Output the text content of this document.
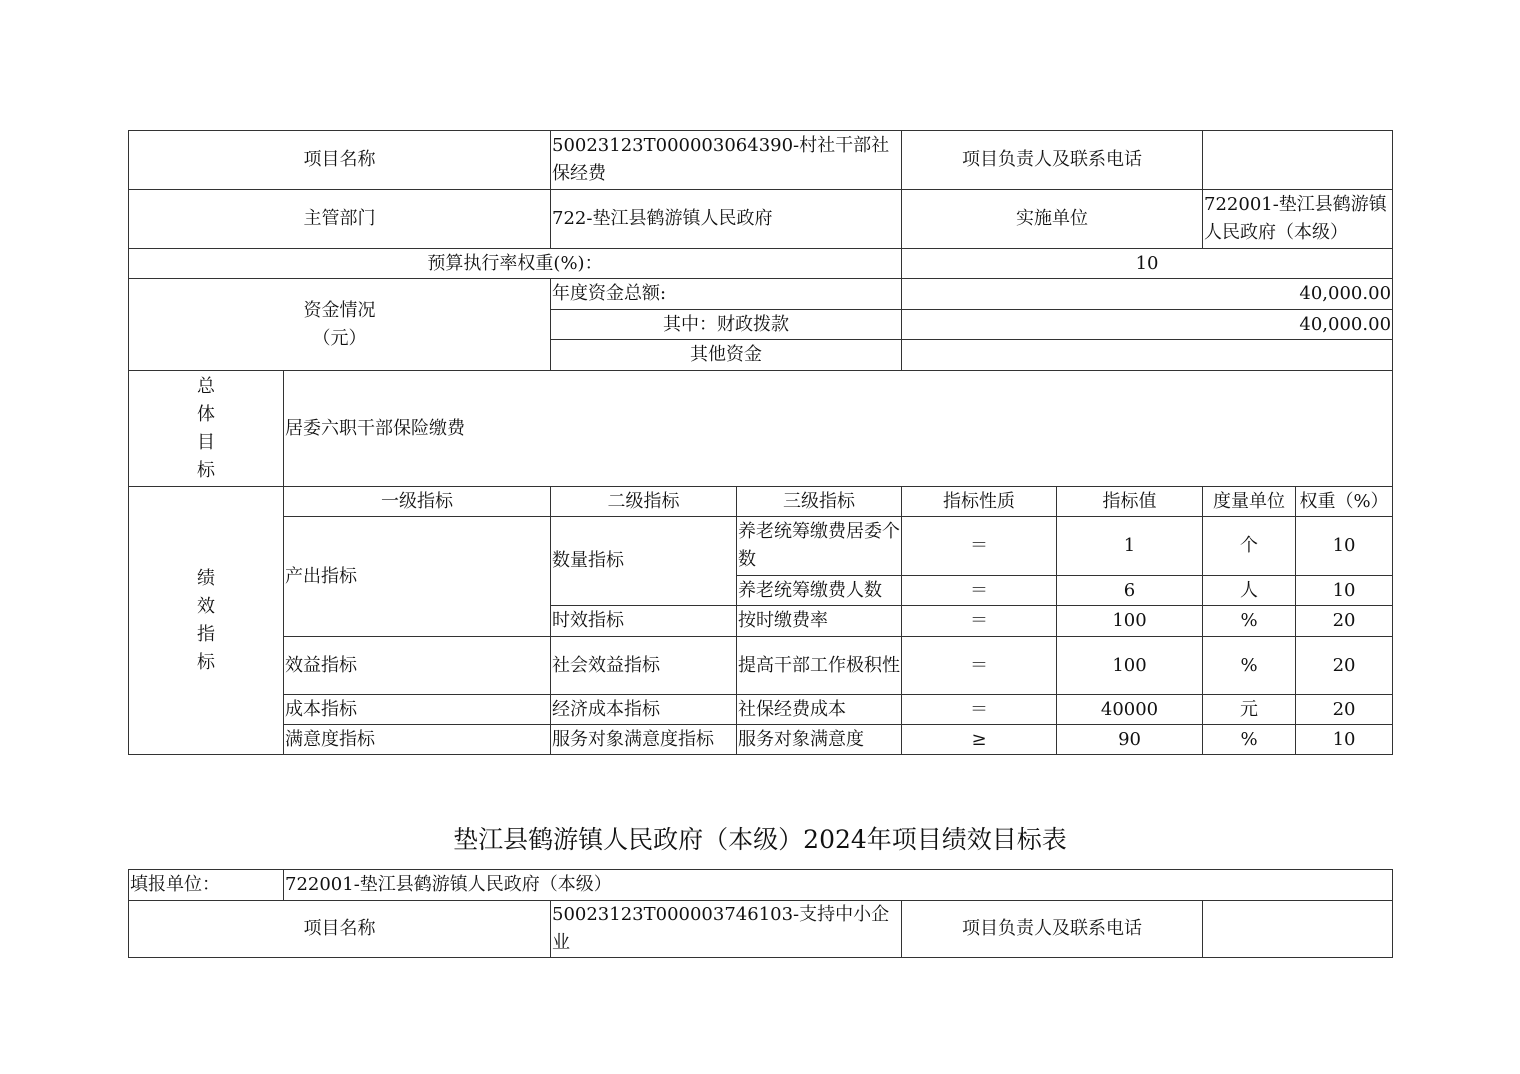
项目名称		50023123T000003064390-村社干部社保经费		项目负责人及联系电话			
主管部门		722-垫江县鹤游镇人民政府		实施单位		722001-垫江县鹤游镇人民政府（本级）	
预算执行率权重(%)：				10			

资金情况
（元）		年度资金总额:		40,000.00			
		其中：财政拨款		40,000.00			
		其他资金					

总
体
目
标	居委六职干部保险缴费						

绩
效
指
标	一级指标	二级指标	三级指标	指标性质	指标值	度量单位	权重（%）
	产出指标	数量指标	养老统筹缴费居委个数	＝	1	个	10
			养老统筹缴费人数	＝	6	人	10
		时效指标	按时缴费率	＝	100	%	20
	效益指标	社会效益指标	提高干部工作极积性	＝	100	%	20
	成本指标	经济成本指标	社保经费成本	＝	40000	元	20
	满意度指标	服务对象满意度指标	服务对象满意度	≥	90	%	10
垫江县鹤游镇人民政府（本级）2024年项目绩效目标表
填报单位：	722001-垫江县鹤游镇人民政府（本级）			
项目名称		50023123T000003746103-支持中小企业	项目负责人及联系电话	
